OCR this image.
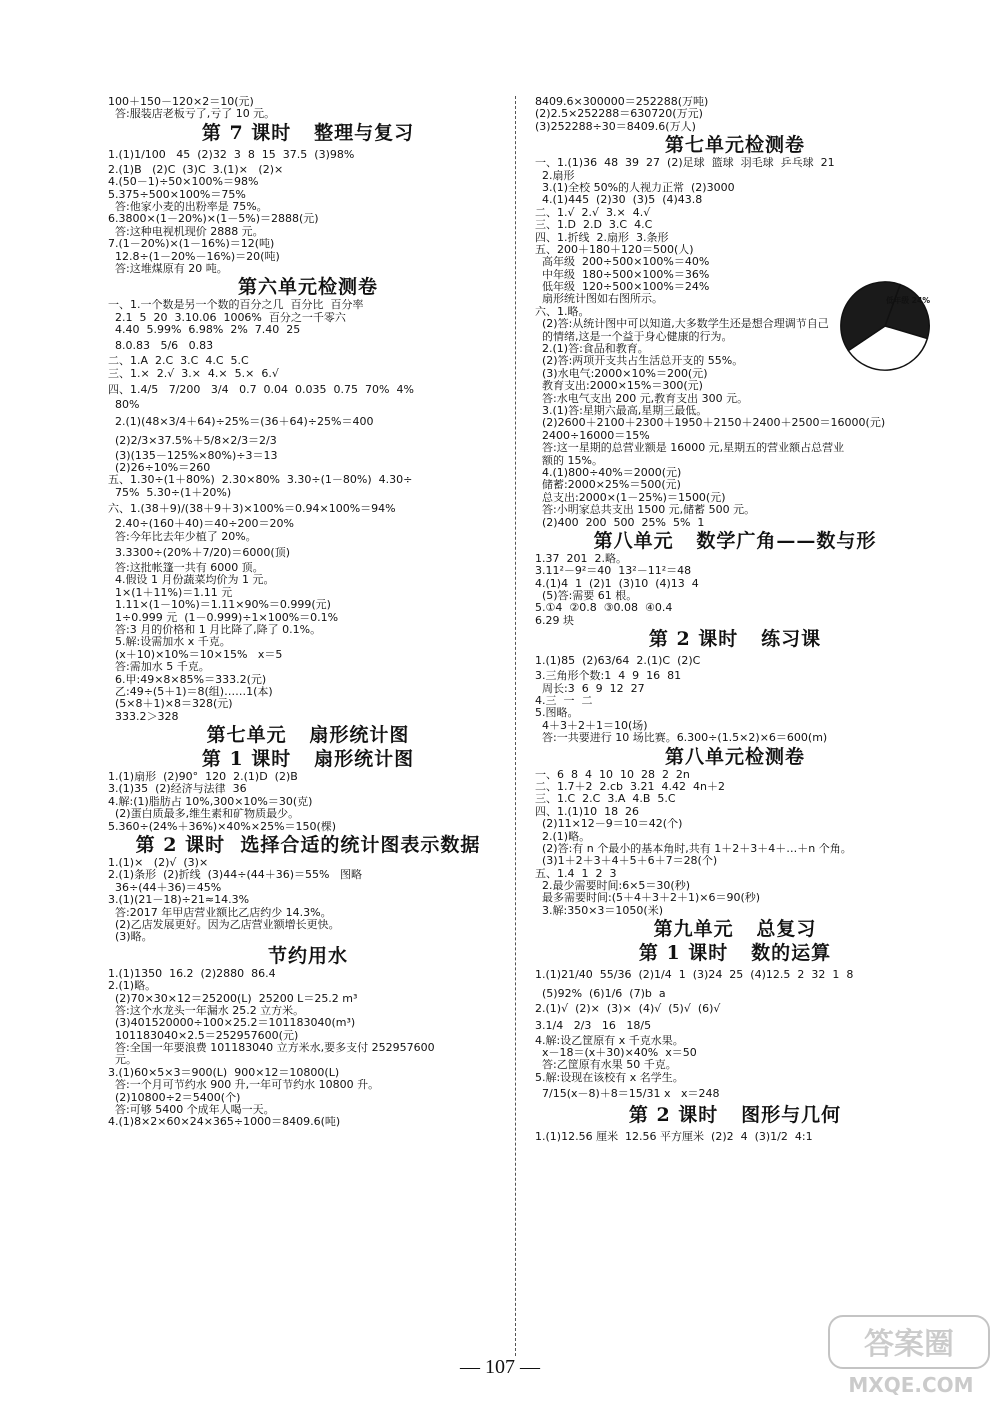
100＋150－120×2＝10(元)
答:服装店老板亏了,亏了 10 元。
第 7 课时   整理与复习
1.(1)1/100   45  (2)32  3  8  15  37.5  (3)98%
2.(1)B   (2)C  (3)C  3.(1)×   (2)×
4.(50－1)÷50×100%＝98%
5.375÷500×100%＝75%
答:他家小麦的出粉率是 75%。
6.3800×(1－20%)×(1－5%)＝2888(元)
答:这种电视机现价 2888 元。
7.(1－20%)×(1－16%)＝12(吨)
12.8÷(1－20%－16%)＝20(吨)
答:这堆煤原有 20 吨。
第六单元检测卷
一、1.一个数是另一个数的百分之几  百分比  百分率
2.1  5  20  3.10.06  1006%  百分之一千零六
4.40  5.99%  6.98%  2%  7.40  25
8.0.83   5/6   0.83̇
二、1.A  2.C  3.C  4.C  5.C
三、1.×  2.√  3.×  4.×  5.×  6.√
四、1.4/5   7/200   3/4   0.7  0.04  0.035  0.75  70%  4%
80%
2.(1)(48×3/4＋64)÷25%＝(36＋64)÷25%＝400
(2)2/3×37.5%＋5/8×2/3＝2/3
(3)(135－125%×80%)÷3＝13
(2)26÷10%＝260
五、1.30÷(1＋80%)  2.30×80%  3.30÷(1－80%)  4.30÷
75%  5.30÷(1＋20%)
六、1.(38＋9)/(38＋9＋3)×100%＝0.94×100%＝94%
2.40÷(160＋40)＝40÷200＝20%
答:今年比去年少植了 20%。
3.3300÷(20%＋7/20)＝6000(顶)
答:这批帐篷一共有 6000 顶。
4.假设 1 月份蔬菜均价为 1 元。
1×(1＋11%)＝1.11 元
1.11×(1－10%)＝1.11×90%＝0.999(元)
1÷0.999 元  (1－0.999)÷1×100%＝0.1%
答:3 月的价格和 1 月比降了,降了 0.1%。
5.解:设需加水 x 千克。
(x＋10)×10%＝10×15%   x＝5
答:需加水 5 千克。
6.甲:49×8×85%＝333.2(元)
乙:49÷(5＋1)＝8(组)……1(本)
(5×8＋1)×8＝328(元)
333.2＞328
第七单元   扇形统计图
第 1 课时   扇形统计图
1.(1)扇形  (2)90°  120  2.(1)D  (2)B
3.(1)35  (2)经济与法律  36
4.解:(1)脂肪占 10%,300×10%＝30(克)
(2)蛋白质最多,维生素和矿物质最少。
5.360÷(24%＋36%)×40%×25%＝150(棵)
第 2 课时  选择合适的统计图表示数据
1.(1)×   (2)√  (3)×
2.(1)条形  (2)折线  (3)44÷(44＋36)＝55%   图略
36÷(44＋36)＝45%
3.(1)(21－18)÷21≈14.3%
答:2017 年甲店营业额比乙店约少 14.3%。
(2)乙店发展更好。因为乙店营业额增长更快。
(3)略。
节约用水
1.(1)1350  16.2  (2)2880  86.4
2.(1)略。
(2)70×30×12＝25200(L)  25200 L＝25.2 m³
答:这个水龙头一年漏水 25.2 立方米。
(3)401520000÷100×25.2＝101183040(m³)
101183040×2.5＝252957600(元)
答:全国一年要浪费 101183040 立方米水,要多支付 252957600
元。
3.(1)60×5×3＝900(L)  900×12＝10800(L)
答:一个月可节约水 900 升,一年可节约水 10800 升。
(2)10800÷2＝5400(个)
答:可够 5400 个成年人喝一天。
4.(1)8×2×60×24×365÷1000＝8409.6(吨)
8409.6×300000＝252288(万吨)
(2)2.5×252288＝630720(万元)
(3)252288÷30＝8409.6(万人)
第七单元检测卷
一、1.(1)36  48  39  27  (2)足球  篮球  羽毛球  乒乓球  21
2.扇形
3.(1)全校 50%的人视力正常  (2)3000
4.(1)445  (2)30  (3)5  (4)43.8
二、1.√  2.√  3.×  4.√
三、1.D  2.D  3.C  4.C
四、1.折线  2.扇形  3.条形
五、200＋180＋120＝500(人)
高年级  200÷500×100%＝40%
中年级  180÷500×100%＝36%
低年级  120÷500×100%＝24%
扇形统计图如右图所示。
六、1.略。
(2)答:从统计图中可以知道,大多数学生还是想合理调节自己
的情绪,这是一个益于身心健康的行为。
2.(1)答:食品和教育。
(2)答:两项开支共占生活总开支的 55%。
(3)水电气:2000×10%＝200(元)
教育支出:2000×15%＝300(元)
答:水电气支出 200 元,教育支出 300 元。
3.(1)答:星期六最高,星期三最低。
(2)2600＋2100＋2300＋1950＋2150＋2400＋2500＝16000(元)
2400÷16000＝15%
答:这一星期的总营业额是 16000 元,星期五的营业额占总营业
额的 15%。
4.(1)800÷40%＝2000(元)
储蓄:2000×25%＝500(元)
总支出:2000×(1－25%)＝1500(元)
答:小明家总共支出 1500 元,储蓄 500 元。
(2)400  200  500  25%  5%  1
第八单元   数学广角——数与形
1.37  201  2.略。
3.11²－9²＝40  13²－11²＝48
4.(1)4  1  (2)1  (3)10  (4)13  4
(5)答:需要 61 根。
5.①4  ②0.8  ③0.08  ④0.4
6.29 块
第 2 课时   练习课
1.(1)85  (2)63/64  2.(1)C  (2)C
3.三角形个数:1  4  9  16  81
周长:3  6  9  12  27
4.三  一  二
5.图略。
4＋3＋2＋1＝10(场)
答:一共要进行 10 场比赛。6.300÷(1.5×2)×6＝600(m)
第八单元检测卷
一、6  8  4  10  10  28  2  2n
二、1.7＋2  2.cb  3.21  4.42  4n＋2
三、1.C  2.C  3.A  4.B  5.C
四、1.(1)10  18  26
(2)11×12－9＝10＝42(个)
2.(1)略。
(2)答:有 n 个最小的基本角时,共有 1＋2＋3＋4＋…＋n 个角。
(3)1＋2＋3＋4＋5＋6＋7＝28(个)
五、1.4  1  2  3
2.最少需要时间:6×5＝30(秒)
最多需要时间:(5＋4＋3＋2＋1)×6＝90(秒)
3.解:350×3＝1050(米)
第九单元   总复习
第 1 课时   数的运算
1.(1)21/40  55/36  (2)1/4  1  (3)24  25  (4)12.5  2  32  1  8
(5)92%  (6)1/6  (7)b  a
2.(1)√  (2)×  (3)×  (4)√  (5)√  (6)√
3.1/4   2/3   16   18/5
4.解:设乙筐原有 x 千克水果。
x－18＝(x＋30)×40%  x＝50
答:乙筐原有水果 50 千克。
5.解:设现在该校有 x 名学生。
7/15(x－8)＋8＝15/31 x   x＝248
第 2 课时   图形与几何
1.(1)12.56 厘米  12.56 平方厘米  (2)2  4  (3)1/2  4:1
低年级 24%
高年级 40%
— 107 —
答案圈
MXQE.COM
